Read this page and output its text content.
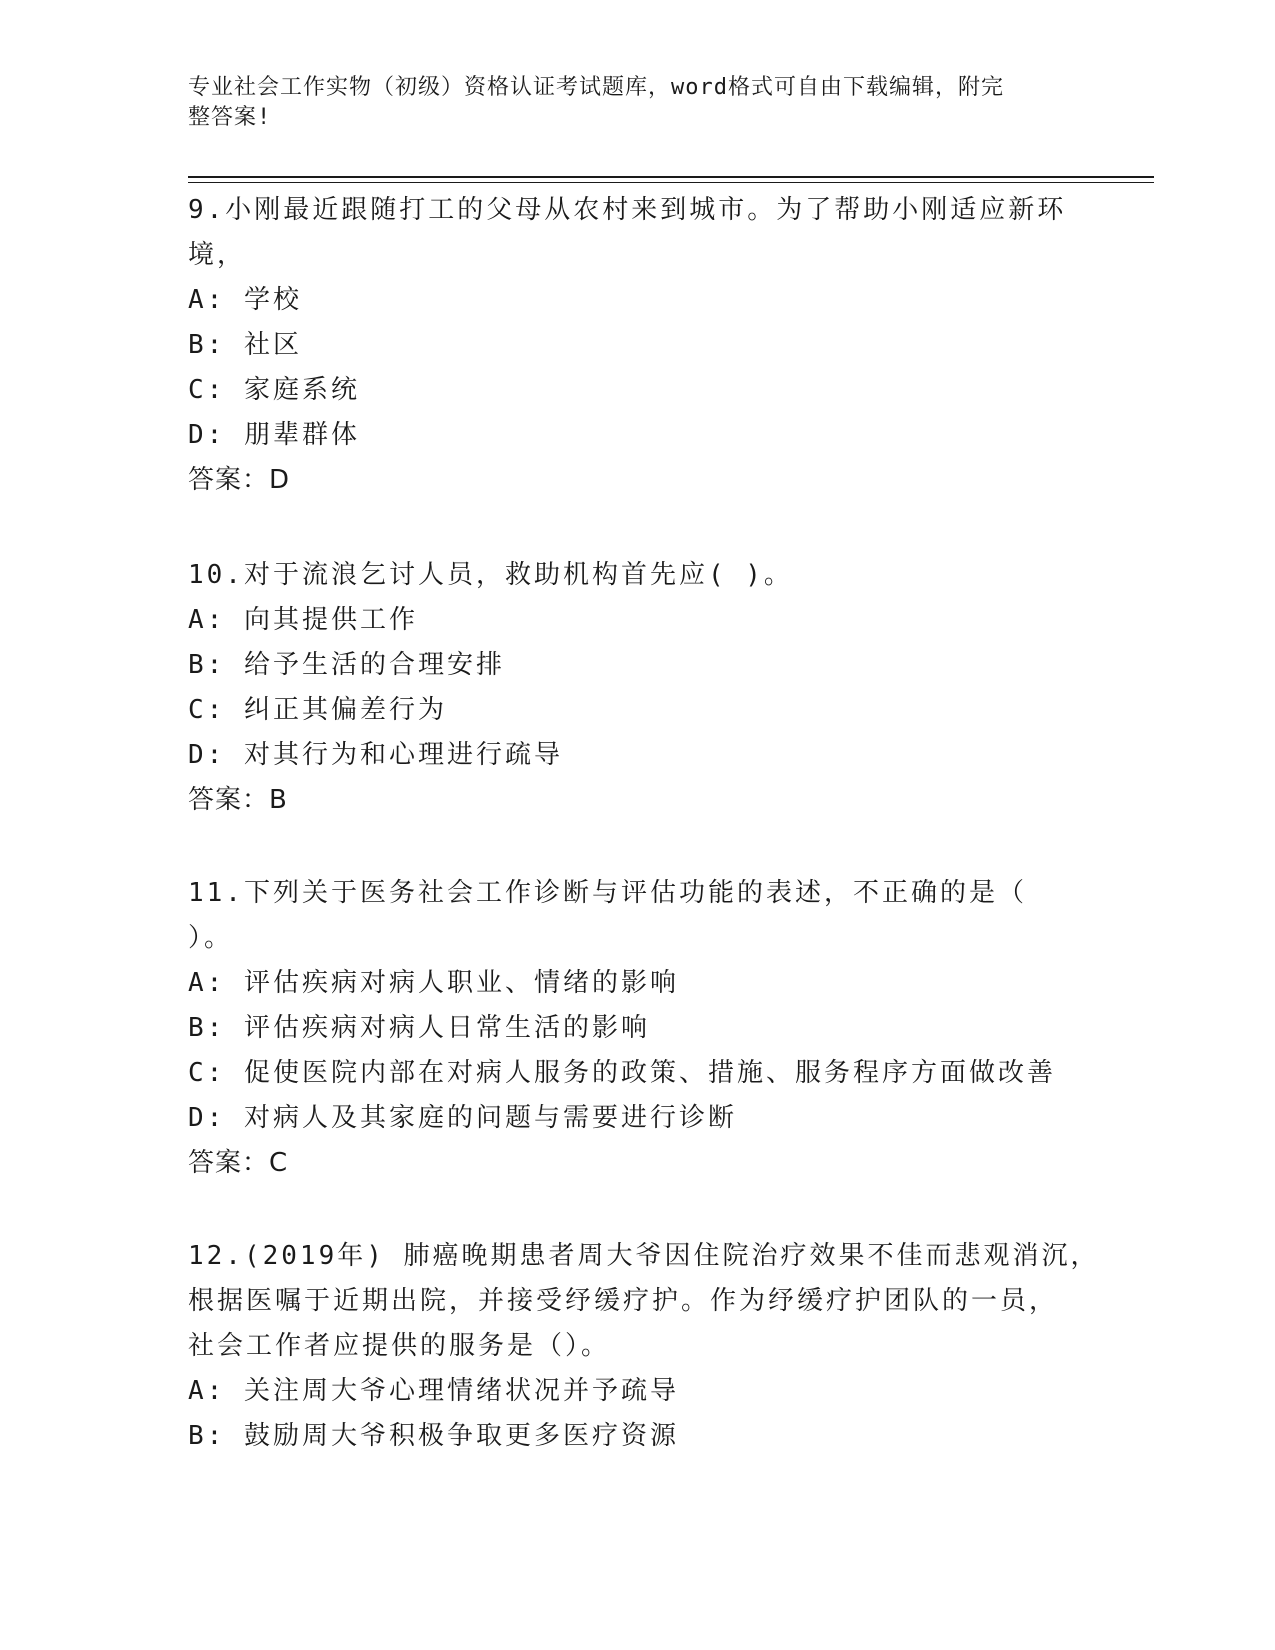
专业社会工作实物（初级）资格认证考试题库，word格式可自由下载编辑，附完
整答案!
9.小刚最近跟随打工的父母从农村来到城市。为了帮助小刚适应新环
境，
A: 学校
B: 社区
C: 家庭系统
D: 朋辈群体
答案：D
10.对于流浪乞讨人员，救助机构首先应( )。
A: 向其提供工作
B: 给予生活的合理安排
C: 纠正其偏差行为
D: 对其行为和心理进行疏导
答案：B
11.下列关于医务社会工作诊断与评估功能的表述，不正确的是（
）。
A: 评估疾病对病人职业、情绪的影响
B: 评估疾病对病人日常生活的影响
C: 促使医院内部在对病人服务的政策、措施、服务程序方面做改善
D: 对病人及其家庭的问题与需要进行诊断
答案：C
12.(2019年) 肺癌晚期患者周大爷因住院治疗效果不佳而悲观消沉，
根据医嘱于近期出院，并接受纾缓疗护。作为纾缓疗护团队的一员，
社会工作者应提供的服务是（）。
A: 关注周大爷心理情绪状况并予疏导
B: 鼓励周大爷积极争取更多医疗资源
